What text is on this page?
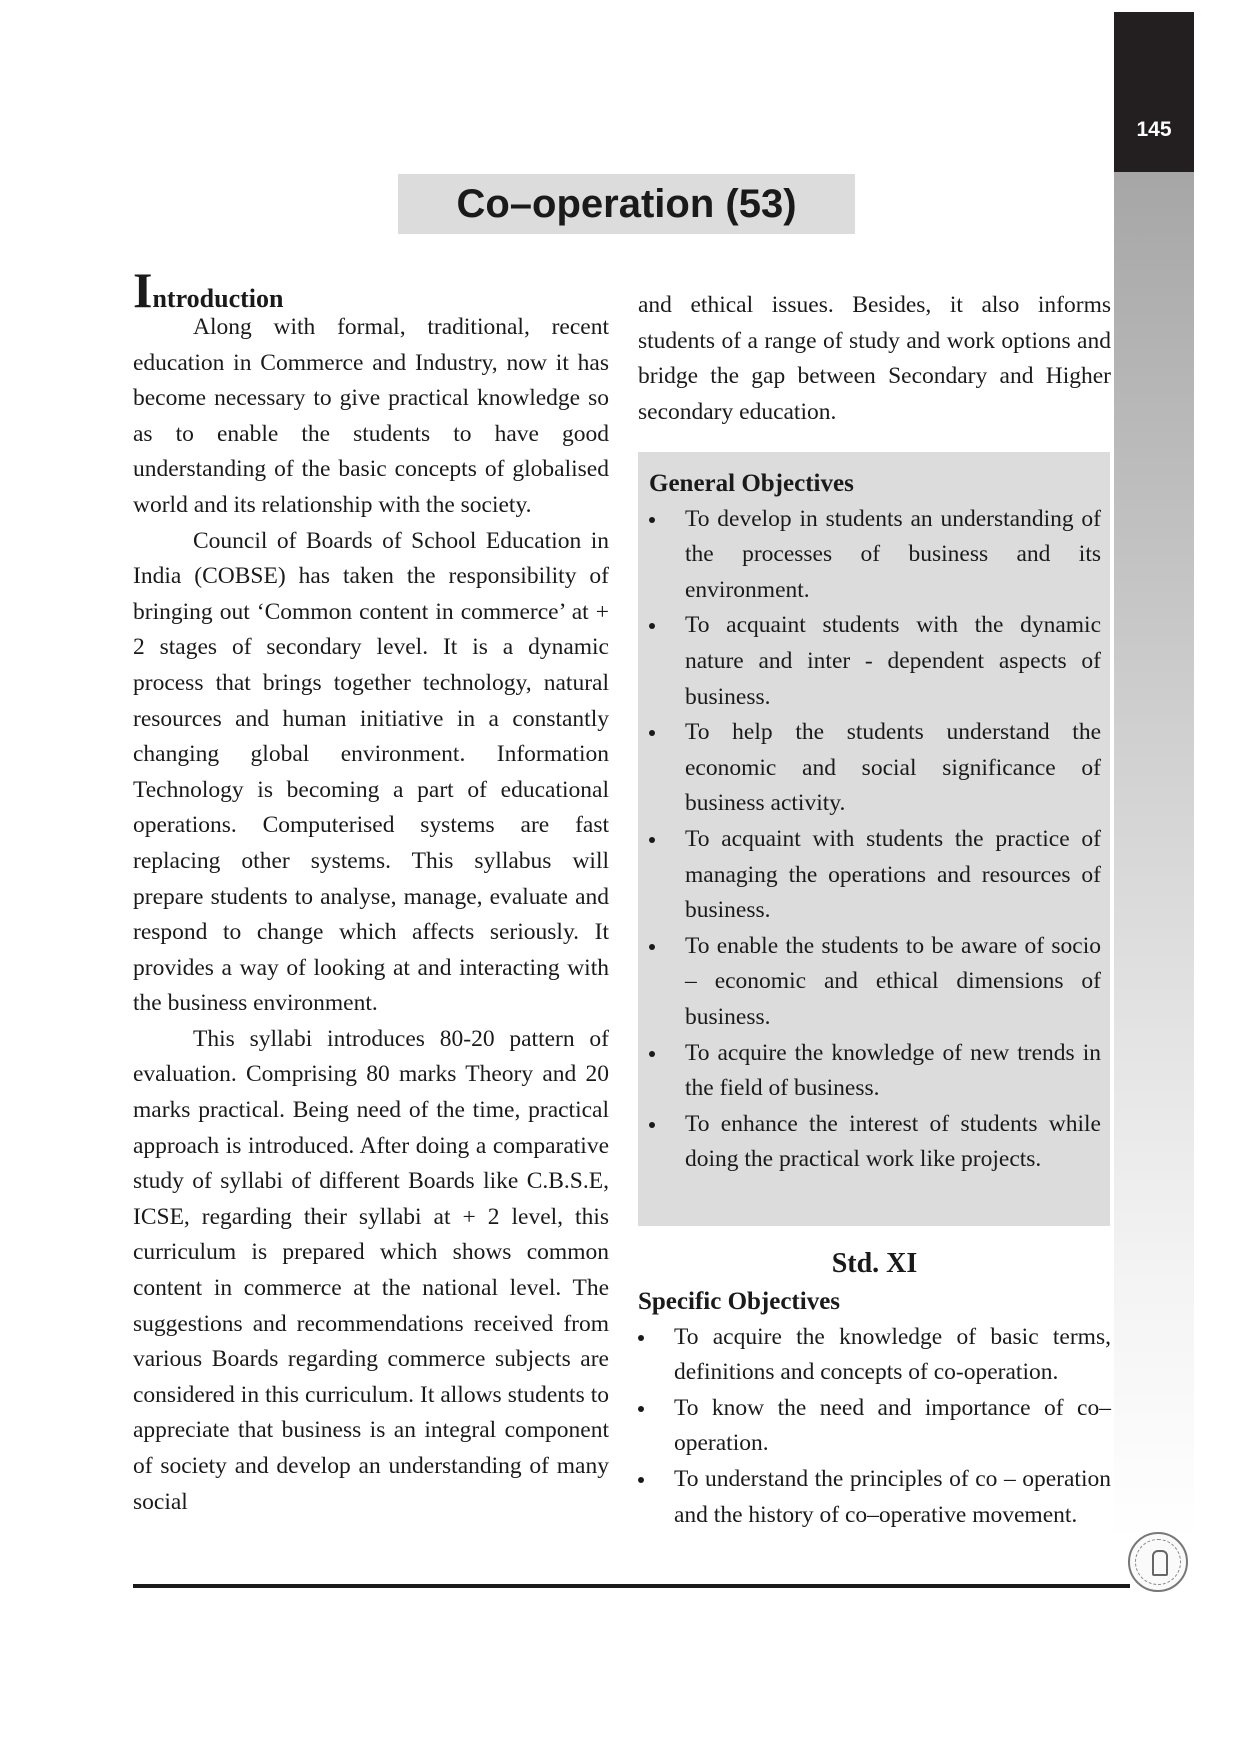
145
Co–operation (53)
Introduction

Along with formal, traditional, recent education in Commerce and Industry, now it has become necessary to give practical knowledge so as to enable the students to have good understanding of the basic concepts of globalised world and its relationship with the society.

Council of Boards of School Education in India (COBSE) has taken the responsibility of bringing out ‘Common content in commerce’ at + 2 stages of secondary level. It is a dynamic process that brings together technology, natural resources and human initiative in a constantly changing global environment. Information Technology is becoming a part of educational operations. Computerised systems are fast replacing other systems. This syllabus will prepare students to analyse, manage, evaluate and respond to change which affects seriously. It provides a way of looking at and interacting with the business environment.

This syllabi introduces 80-20 pattern of evaluation. Comprising 80 marks Theory and 20 marks practical. Being need of the time, practical approach is introduced. After doing a comparative study of syllabi of different Boards like C.B.S.E, ICSE, regarding their syllabi at + 2 level, this curriculum is prepared which shows common content in commerce at the national level. The suggestions and recommendations received from various Boards regarding commerce subjects are considered in this curriculum. It allows students to appreciate that business is an integral component of society and develop an understanding of many social

and ethical issues. Besides, it also informs students of a range of study and work options and bridge the gap between Secondary and Higher secondary education.

General Objectives
To develop in students an understanding of the processes of business and its environment.
To acquaint students with the dynamic nature and inter - dependent aspects of business.
To help the students understand the economic and social significance of business activity.
To acquaint with students the practice of managing the operations and resources of business.
To enable the students to be aware of socio – economic and ethical dimensions of business.
To acquire the knowledge of new trends in the field of business.
To enhance the interest of students while doing the practical work like projects.
Std. XI
Specific Objectives
To acquire the knowledge of basic terms, definitions and concepts of co-operation.
To know the need and importance of co– operation.
To understand the principles of co – operation and the history of co–operative movement.
